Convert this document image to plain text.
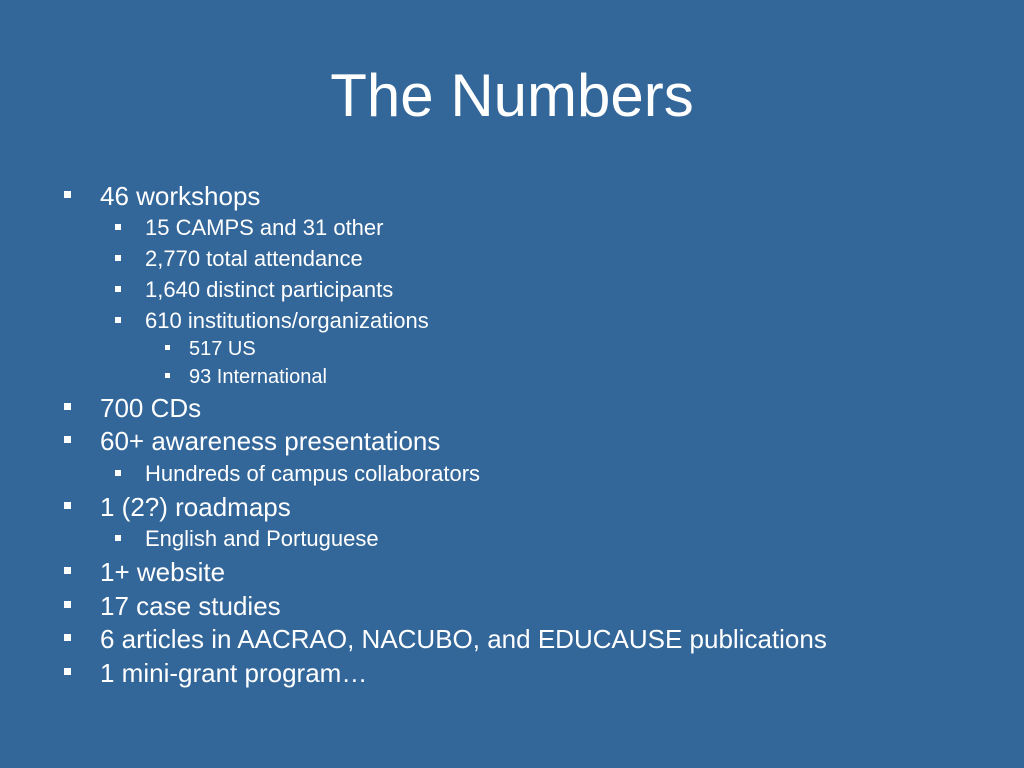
The Numbers
46 workshops
15 CAMPS and 31 other
2,770 total attendance
1,640 distinct participants
610 institutions/organizations
517 US
93 International
700 CDs
60+ awareness presentations
Hundreds of campus collaborators
1 (2?) roadmaps
English and Portuguese
1+ website
17 case studies
6 articles in AACRAO, NACUBO, and EDUCAUSE publications
1 mini-grant program…
